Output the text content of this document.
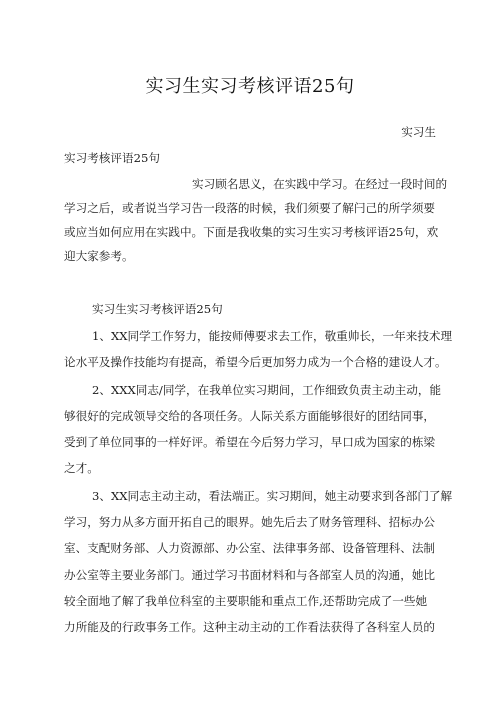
实习生实习考核评语25句
实习生
实习考核评语25句
实习顾名思义，在实践中学习。在经过一段时间的
学习之后，或者说当学习告一段落的时候，我们须要了解闩己的所学须要
或应当如何应用在实践中。下面是我收集的实习生实习考核评语25句，欢
迎大家参考。
实习生实习考核评语25句
1、XX同学工作努力，能按师傅要求去工作，敬重帅长，一年来技术理
论水平及操作技能均有提高，希望今后更加努力成为一个合格的建设人才。
2、XXX同志/同学，在我单位实习期间，工作细致负责主动主动，能
够很好的完成领导交给的各项任务。人际关系方面能够很好的团结同事，
受到了单位同事的一样好评。希望在今后努力学习，早口成为国家的栋梁
之才。
3、XX同志主动主动，看法端正。实习期间，她主动要求到各部门了解
学习，努力从多方面开拓自己的眼界。她先后去了财务管理科、招标办公
室、支配财务部、人力资源部、办公室、法律事务部、设备管理科、法制
办公室等主要业务部门。通过学习书面材料和与各部室人员的沟通，她比
较全面地了解了我单位科室的主要职能和重点工作,还帮助完成了一些她
力所能及的行政事务工作。这种主动主动的工作看法获得了各科室人员的
